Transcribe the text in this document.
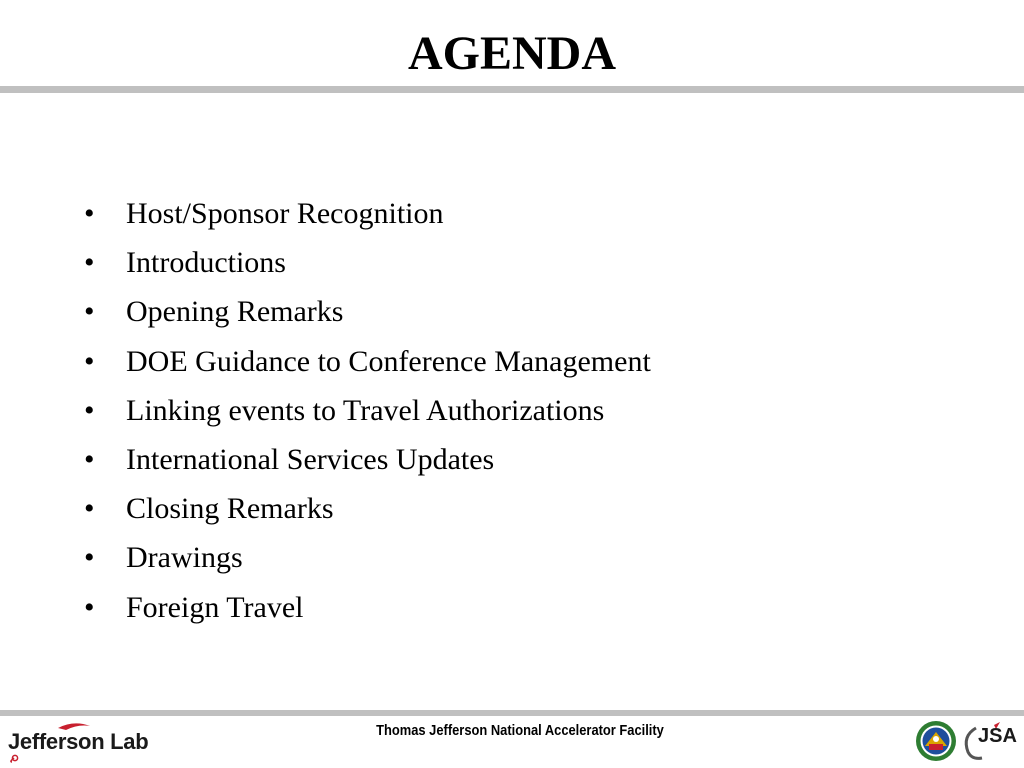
AGENDA
• Host/Sponsor Recognition
• Introductions
• Opening Remarks
• DOE Guidance to Conference Management
• Linking events to Travel Authorizations
• International Services Updates
• Closing Remarks
• Drawings
• Foreign Travel
Jefferson Lab	Thomas Jefferson National Accelerator Facility	JSA
